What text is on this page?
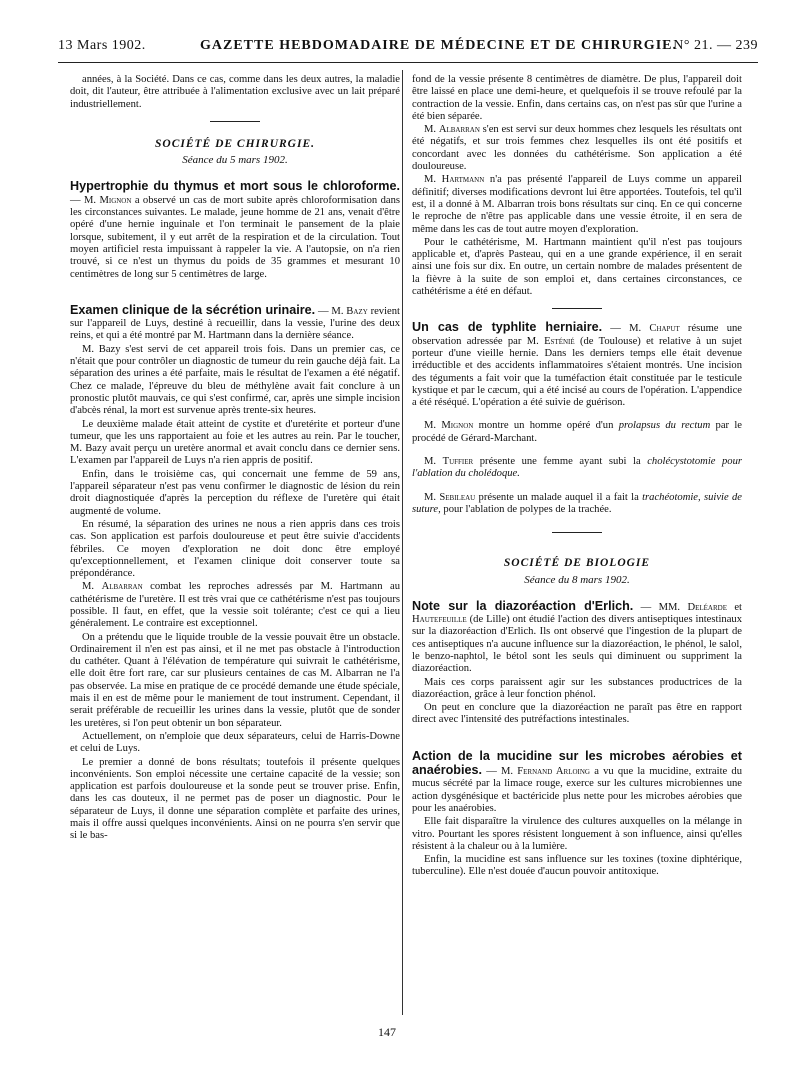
13 Mars 1902.	GAZETTE HEBDOMADAIRE DE MÉDECINE ET DE CHIRURGIE.
N° 21. — 239

années, à la Société. Dans ce cas, comme dans les deux autres, la maladie doit, dit l'auteur, être attribuée à l'alimentation exclusive avec un lait préparé industriellement.

SOCIÉTÉ DE CHIRURGIE.
Séance du 5 mars 1902.

Hypertrophie du thymus et mort sous le chloroforme. — M. Mignon a observé un cas de mort subite après chloroformisation dans les circonstances suivantes. Le malade, jeune homme de 21 ans, venait d'être opéré d'une hernie inguinale et l'on terminait le pansement de la plaie lorsque, subitement, il y eut arrêt de la respiration et de la circulation. Tout moyen artificiel resta impuissant à rappeler la vie. A l'autopsie, on n'a rien trouvé, si ce n'est un thymus du poids de 35 grammes et mesurant 10 centimètres de long sur 5 centimètres de large.

Examen clinique de la sécrétion urinaire. — M. Bazy revient sur l'appareil de Luys, destiné à recueillir, dans la vessie, l'urine des deux reins, et qui a été montré par M. Hartmann dans la dernière séance.

M. Bazy s'est servi de cet appareil trois fois. Dans un premier cas, ce n'était que pour contrôler un diagnostic de tumeur du rein gauche déjà fait. La séparation des urines a été parfaite, mais le résultat de l'examen a été négatif. Chez ce malade, l'épreuve du bleu de méthylène avait fait conclure à un pronostic plutôt mauvais, ce qui s'est confirmé, car, après une simple incision d'abcès rénal, la mort est survenue après trente-six heures.

Le deuxième malade était atteint de cystite et d'uretérite et porteur d'une tumeur, que les uns rapportaient au foie et les autres au rein. Par le toucher, M. Bazy avait perçu un uretère anormal et avait conclu dans ce dernier sens. L'examen par l'appareil de Luys n'a rien appris de positif.

Enfin, dans le troisième cas, qui concernait une femme de 59 ans, l'appareil séparateur n'est pas venu confirmer le diagnostic de lésion du rein droit diagnostiquée d'après la perception du réflexe de l'uretère qui était augmenté de volume.

En résumé, la séparation des urines ne nous a rien appris dans ces trois cas. Son application est parfois douloureuse et peut être suivie d'accidents fébriles. Ce moyen d'exploration ne doit donc être employé qu'exceptionnellement, et l'examen clinique doit conserver toute sa prépondérance.

M. Albarran combat les reproches adressés par M. Hartmann au cathétérisme de l'uretère. Il est très vrai que ce cathétérisme n'est pas toujours possible. Il faut, en effet, que la vessie soit tolérante; c'est ce qui a lieu généralement. Le contraire est exceptionnel.

On a prétendu que le liquide trouble de la vessie pouvait être un obstacle. Ordinairement il n'en est pas ainsi, et il ne met pas obstacle à l'introduction du cathéter. Quant à l'élévation de température qui suivrait le cathétérisme, elle doit être fort rare, car sur plusieurs centaines de cas M. Albarran ne l'a pas observée. La mise en pratique de ce procédé demande une étude spéciale, mais il en est de même pour le maniement de tout instrument. Cependant, il serait préférable de recueillir les urines dans la vessie, plutôt que de sonder les uretères, si l'on peut obtenir un bon séparateur.

Actuellement, on n'emploie que deux séparateurs, celui de Harris-Downe et celui de Luys.

Le premier a donné de bons résultats; toutefois il présente quelques inconvénients. Son emploi nécessite une certaine capacité de la vessie; son application est parfois douloureuse et la sonde peut se trouver prise. Enfin, dans les cas douteux, il ne permet pas de poser un diagnostic. Pour le séparateur de Luys, il donne une séparation complète et parfaite des urines, mais il offre aussi quelques inconvénients. Ainsi on ne pourra s'en servir que si le bas-

fond de la vessie présente 8 centimètres de diamètre. De plus, l'appareil doit être laissé en place une demi-heure, et quelquefois il se trouve refoulé par la contraction de la vessie. Enfin, dans certains cas, on n'est pas sûr que l'urine a été bien séparée.

M. Albarran s'en est servi sur deux hommes chez lesquels les résultats ont été négatifs, et sur trois femmes chez lesquelles ils ont été positifs et concordant avec les données du cathétérisme. Son application a été douloureuse.

M. Hartmann n'a pas présenté l'appareil de Luys comme un appareil définitif; diverses modifications devront lui être apportées. Toutefois, tel qu'il est, il a donné à M. Albarran trois bons résultats sur cinq. En ce qui concerne le reproche de n'être pas applicable dans une vessie étroite, il en sera de même dans les cas de tout autre moyen d'exploration.

Pour le cathétérisme, M. Hartmann maintient qu'il n'est pas toujours applicable et, d'après Pasteau, qui en a une grande expérience, il en serait ainsi une fois sur dix. En outre, un certain nombre de malades présentent de la fièvre à la suite de son emploi et, dans certaines circonstances, ce cathétérisme a été en défaut.

Un cas de typhlite herniaire. — M. Chaput résume une observation adressée par M. Esténié (de Toulouse) et relative à un sujet porteur d'une vieille hernie. Dans les derniers temps elle était devenue irréductible et des accidents inflammatoires s'étaient montrés. Une incision des téguments a fait voir que la tuméfaction était constituée par le testicule kystique et par le cæcum, qui a été incisé au cours de l'opération. L'appendice a été réséqué. L'opération a été suivie de guérison.

M. Mignon montre un homme opéré d'un prolapsus du rectum par le procédé de Gérard-Marchant.

M. Tuffier présente une femme ayant subi la cholécystotomie pour l'ablation du cholédoque.

M. Sebileau présente un malade auquel il a fait la trachéotomie, suivie de suture, pour l'ablation de polypes de la trachée.

SOCIÉTÉ DE BIOLOGIE
Séance du 8 mars 1902.

Note sur la diazoréaction d'Erlich. — MM. Deléarde et Hautefeuille (de Lille) ont étudié l'action des divers antiseptiques intestinaux sur la diazoréaction d'Erlich. Ils ont observé que l'ingestion de la plupart de ces antiseptiques n'a aucune influence sur la diazoréaction, le phénol, le salol, le benzo-naphtol, le bétol sont les seuls qui diminuent ou suppriment la diazoréaction.

Mais ces corps paraissent agir sur les substances productrices de la diazoréaction, grâce à leur fonction phénol.

On peut en conclure que la diazoréaction ne paraît pas être en rapport direct avec l'intensité des putréfactions intestinales.

Action de la mucidine sur les microbes aérobies et anaérobies. — M. Fernand Arloing a vu que la mucidine, extraite du mucus sécrété par la limace rouge, exerce sur les cultures microbiennes une action dysgénésique et bactéricide plus nette pour les microbes aérobies que pour les anaérobies.

Elle fait disparaître la virulence des cultures auxquelles on la mélange in vitro. Pourtant les spores résistent longuement à son influence, ainsi qu'elles résistent à la chaleur ou à la lumière.

Enfin, la mucidine est sans influence sur les toxines (toxine diphtérique, tuberculine). Elle n'est douée d'aucun pouvoir antitoxique.

147
